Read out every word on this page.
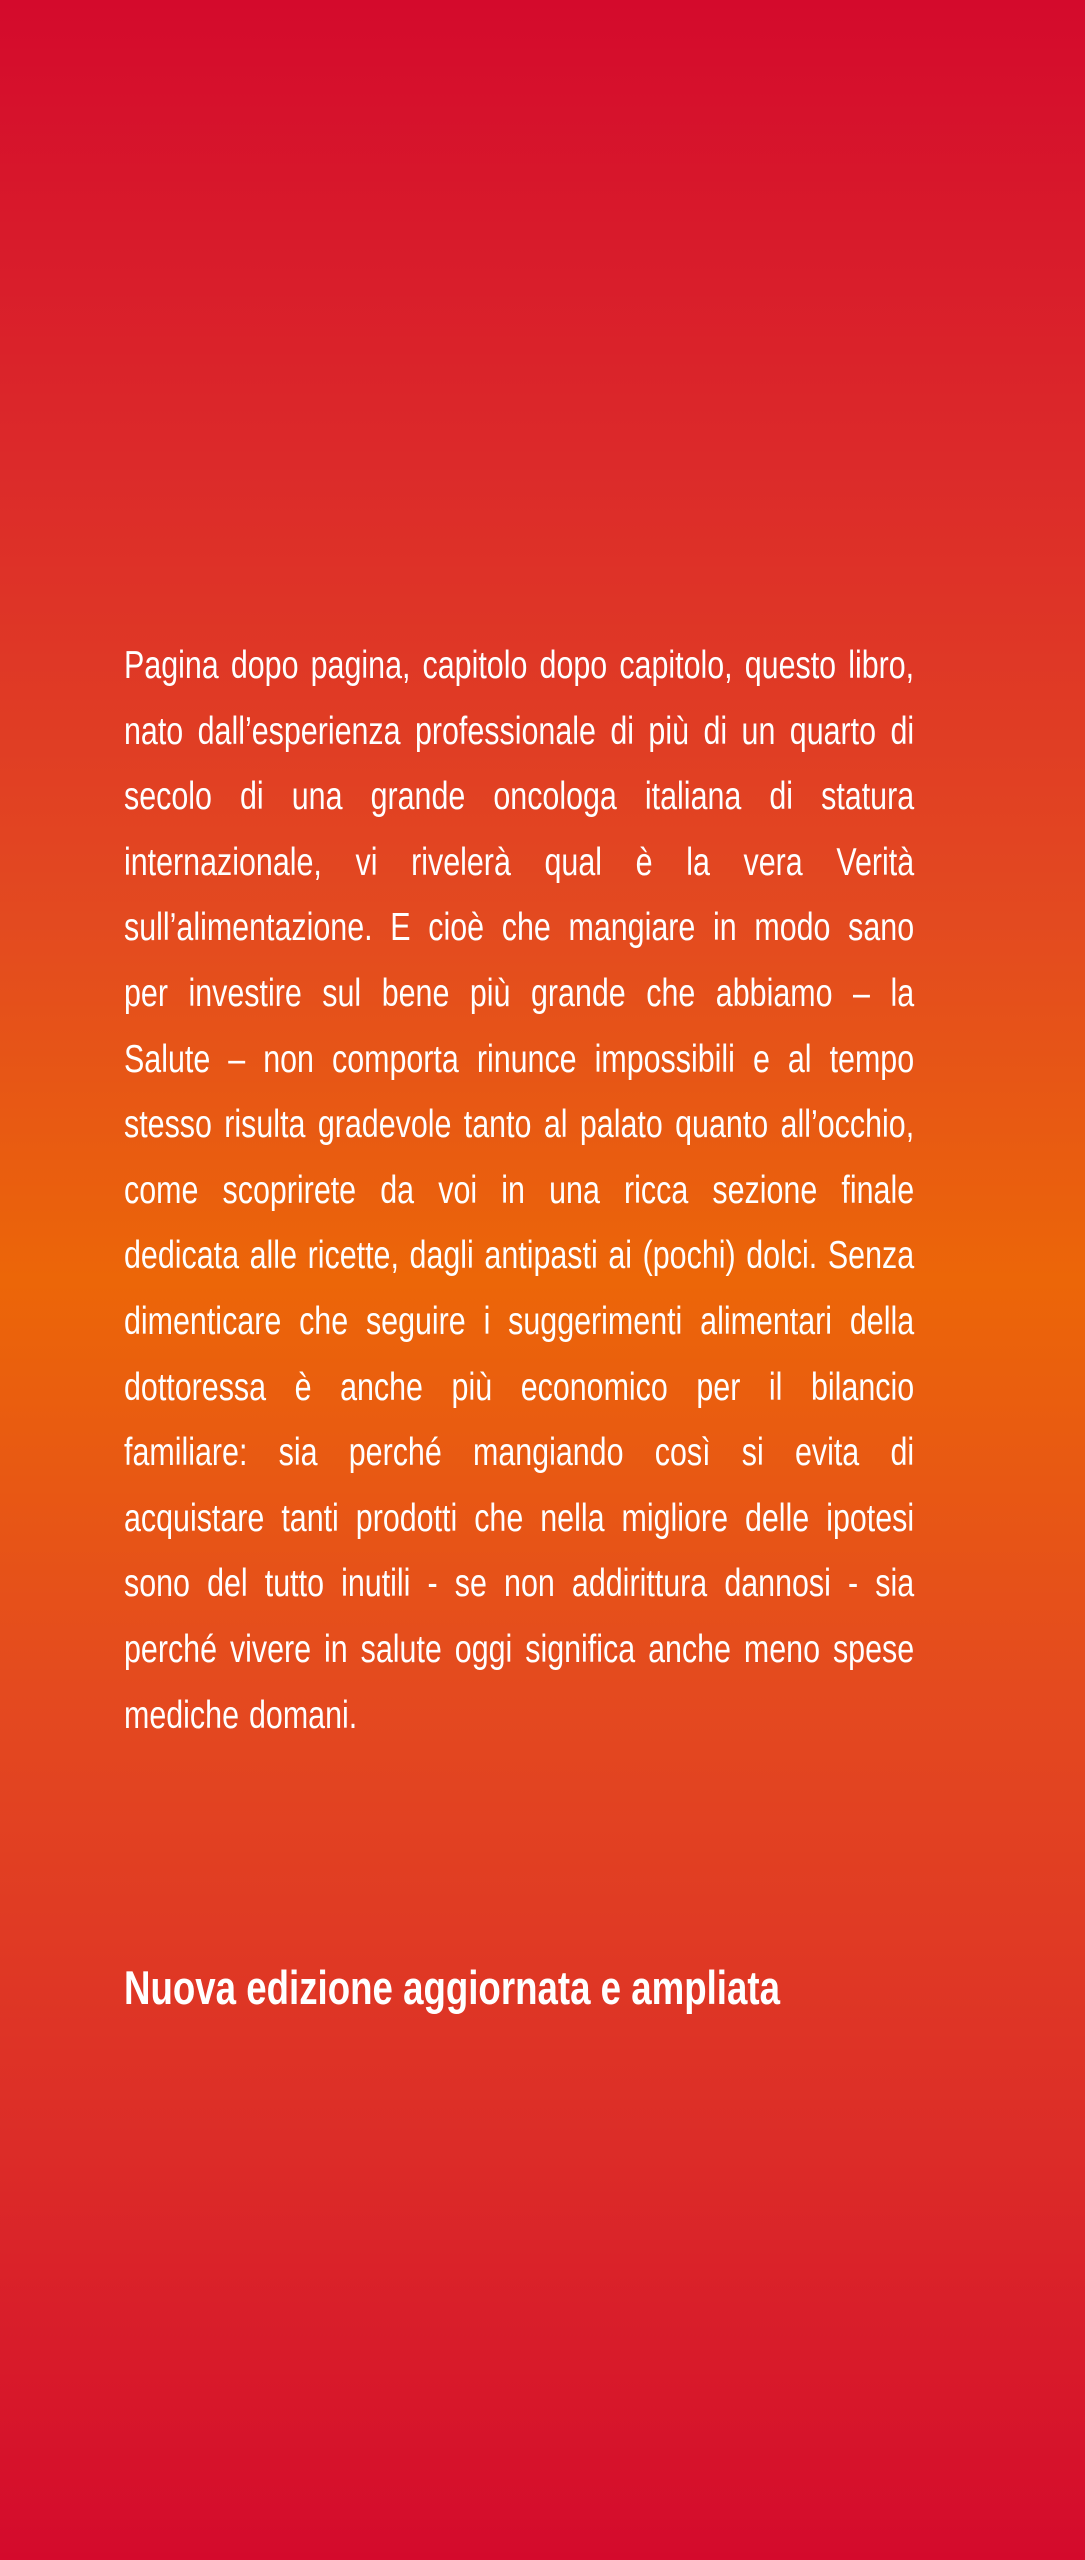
Pagina dopo pagina, capitolo dopo capitolo, questo libro, nato dall’esperienza professionale di più di un quarto di secolo di una grande oncologa italiana di statura internazionale, vi rivelerà qual è la vera Verità sull’alimentazione. E cioè che mangiare in modo sano per investire sul bene più grande che abbiamo – la Salute – non comporta rinunce impossibili e al tempo stesso risulta gradevole tanto al palato quanto all’occhio, come scoprirete da voi in una ricca sezione finale dedicata alle ricette, dagli antipasti ai (pochi) dolci. Senza dimenticare che seguire i suggerimenti alimentari della dottoressa è anche più economico per il bilancio familiare: sia perché mangiando così si evita di acquistare tanti prodotti che nella migliore delle ipotesi sono del tutto inutili - se non addirittura dannosi - sia perché vivere in salute oggi significa anche meno spese mediche domani.

Nuova edizione aggiornata e ampliata
